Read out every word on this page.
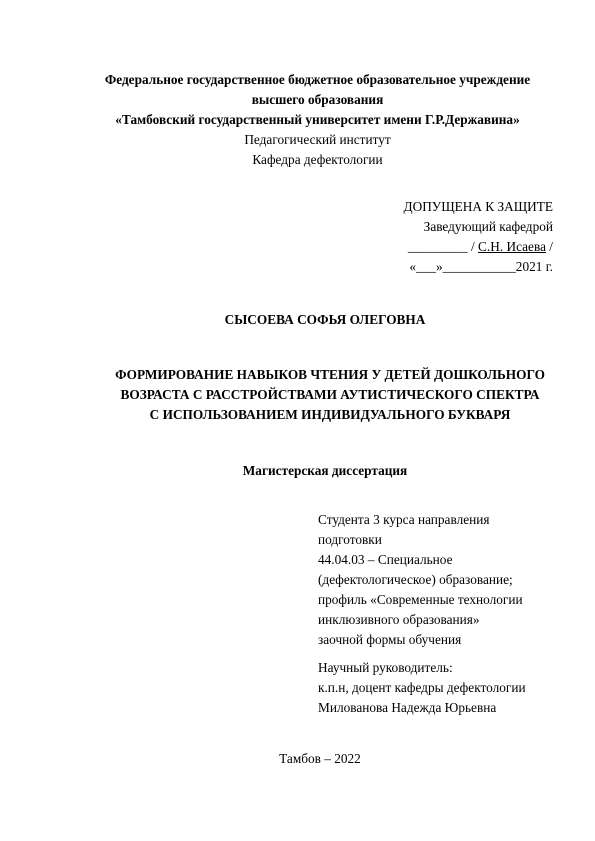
Федеральное государственное бюджетное образовательное учреждение
высшего образования
«Тамбовский государственный университет имени Г.Р.Державина»
Педагогический институт
Кафедра дефектологии
ДОПУЩЕНА К ЗАЩИТЕ
Заведующий кафедрой
_________ / С.Н. Исаева /
«___»___________2021 г.
СЫСОЕВА СОФЬЯ ОЛЕГОВНА
ФОРМИРОВАНИЕ НАВЫКОВ ЧТЕНИЯ У ДЕТЕЙ ДОШКОЛЬНОГО
ВОЗРАСТА С РАССТРОЙСТВАМИ АУТИСТИЧЕСКОГО СПЕКТРА
С ИСПОЛЬЗОВАНИЕМ ИНДИВИДУАЛЬНОГО БУКВАРЯ
Магистерская диссертация
Студента 3 курса направления
подготовки
44.04.03 – Специальное
(дефектологическое) образование;
профиль «Современные технологии
инклюзивного образования»
заочной формы обучения
Научный руководитель:
к.п.н, доцент кафедры дефектологии
Милованова Надежда Юрьевна
Тамбов – 2022
